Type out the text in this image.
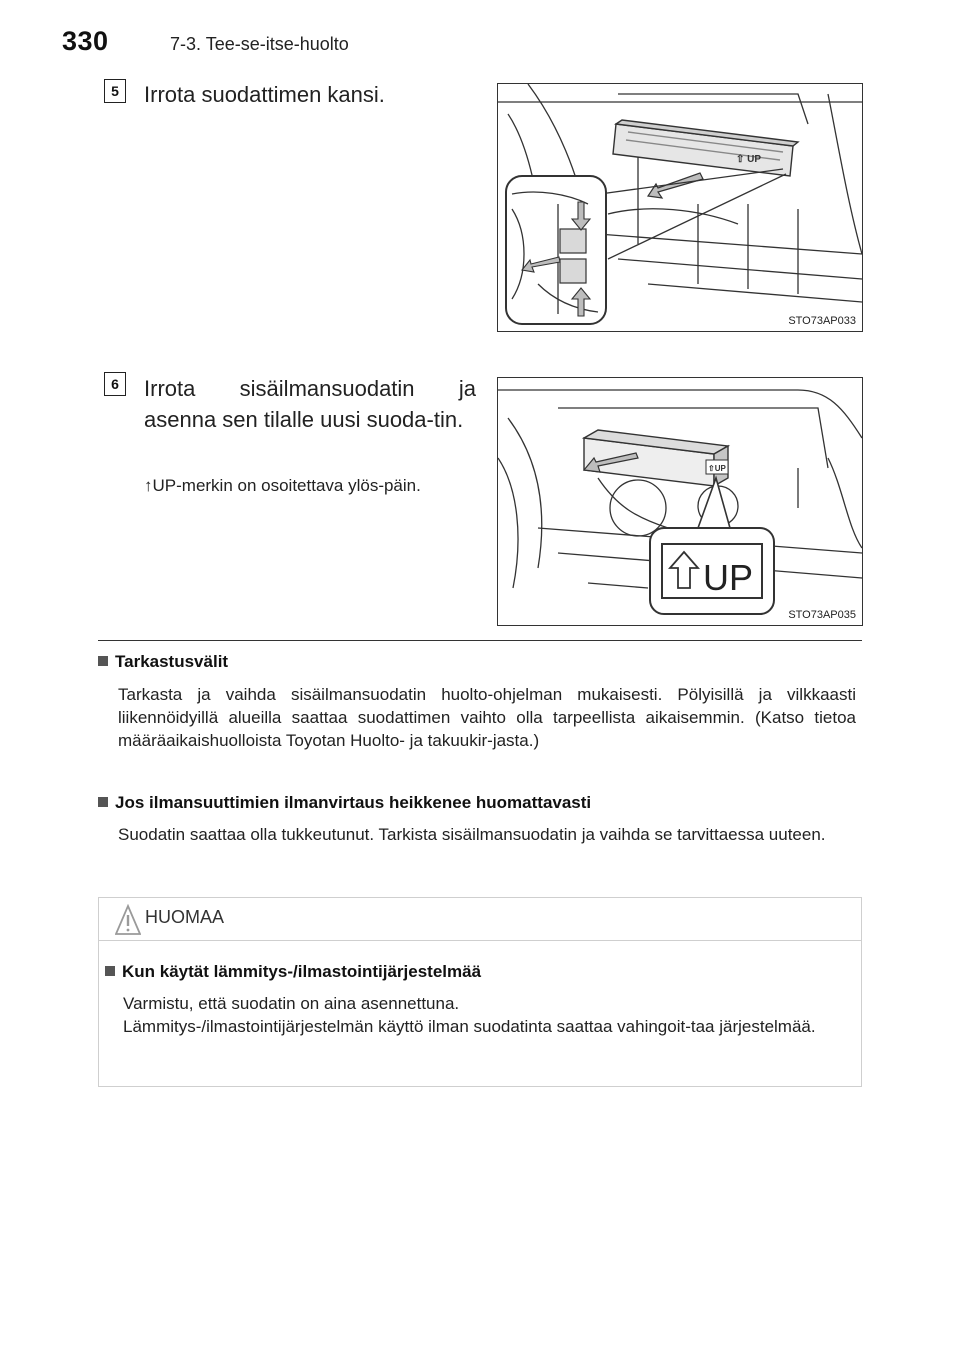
330	7-3. Tee-se-itse-huolto
5	Irrota suodattimen kansi.
⇧ UP
STO73AP033
6	Irrota sisäilmansuodatin ja asenna sen tilalle uusi suoda-tin.
↑UP-merkin on osoitettava ylös-päin.
⇧UP
UP
STO73AP035
Tarkastusvälit
Tarkasta ja vaihda sisäilmansuodatin huolto-ohjelman mukaisesti. Pölyisillä ja vilkkaasti liikennöidyillä alueilla saattaa suodattimen vaihto olla tarpeellista aikaisemmin. (Katso tietoa määräaikaishuolloista Toyotan Huolto- ja takuukir-jasta.)
Jos ilmansuuttimien ilmanvirtaus heikkenee huomattavasti
Suodatin saattaa olla tukkeutunut. Tarkista sisäilmansuodatin ja vaihda se tarvittaessa uuteen.
HUOMAA
Kun käytät lämmitys-/ilmastointijärjestelmää
Varmistu, että suodatin on aina asennettuna.
Lämmitys-/ilmastointijärjestelmän käyttö ilman suodatinta saattaa vahingoit-taa järjestelmää.
